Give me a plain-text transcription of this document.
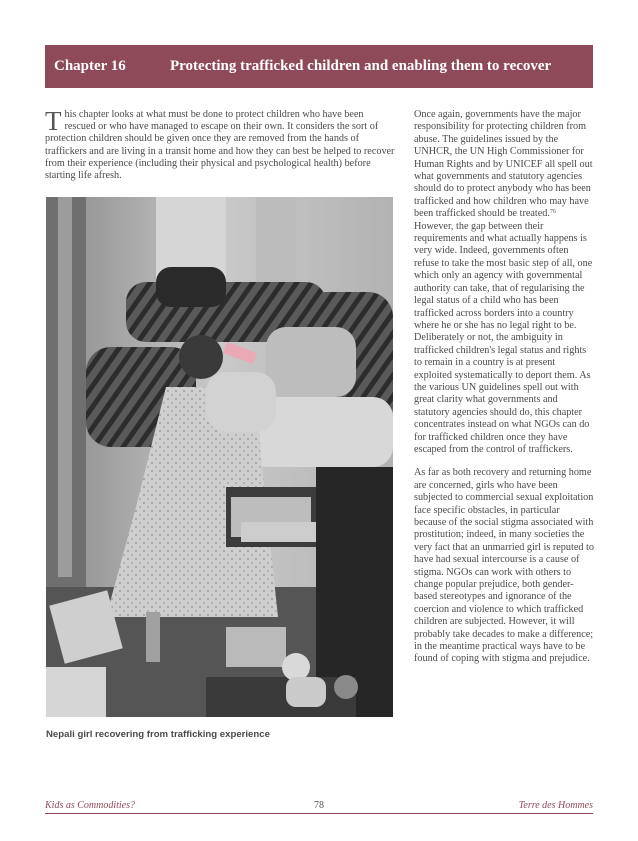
Chapter 16	Protecting trafficked children and enabling them to recover
This chapter looks at what must be done to protect children who have been rescued or who have managed to escape on their own. It considers the sort of protection children should be given once they are removed from the hands of traffickers and are living in a transit home and how they can best be helped to recover from their experience (including their physical and psychological health) before starting life afresh.
Nepali girl recovering from trafficking experience

Once again, governments have the major responsibility for protecting children from abuse. The guidelines issued by the UNHCR, the UN High Commissioner for Human Rights and by UNICEF all spell out what governments and statutory agencies should do to protect anybody who has been trafficked and how children who may have been trafficked should be treated.$^{76}$ However, the gap between their requirements and what actually happens is very wide. Indeed, governments often refuse to take the most basic step of all, one which only an agency with governmental authority can take, that of regularising the legal status of a child who has been trafficked across borders into a country where he or she has no legal right to be. Deliberately or not, the ambiguity in trafficked children's legal status and rights to remain in a country is at present exploited systematically to deport them. As the various UN guidelines spell out with great clarity what governments and statutory agencies should do, this chapter concentrates instead on what NGOs can do for trafficked children once they have escaped from the control of traffickers.

As far as both recovery and returning home are concerned, girls who have been subjected to commercial sexual exploitation face specific obstacles, in particular because of the social stigma associated with prostitution; indeed, in many societies the very fact that an unmarried girl is reputed to have had sexual intercourse is a cause of stigma. NGOs can work with others to change popular prejudice, both gender-based stereotypes and ignorance of the coercion and violence to which trafficked children are subjected. However, it will probably take decades to make a difference; in the meantime practical ways have to be found of coping with stigma and prejudice.

Kids as Commodities?	78	Terre des Hommes
